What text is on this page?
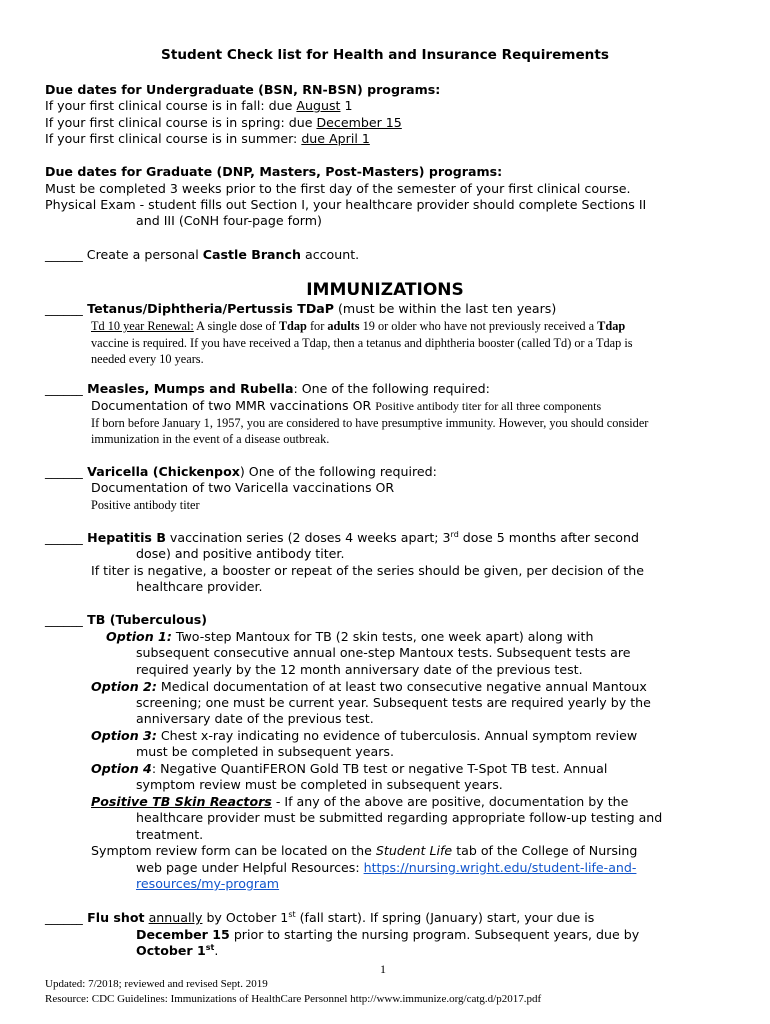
Student Check list for Health and Insurance Requirements
Due dates for Undergraduate (BSN, RN-BSN) programs:
If your first clinical course is in fall: due August 1
If your first clinical course is in spring: due December 15
If your first clinical course is in summer: due April 1
Due dates for Graduate (DNP, Masters, Post-Masters) programs:
Must be completed 3 weeks prior to the first day of the semester of your first clinical course.
Physical Exam - student fills out Section I, your healthcare provider should complete Sections II
and III (CoNH four-page form)
______ Create a personal Castle Branch account.
IMMUNIZATIONS
______ Tetanus/Diphtheria/Pertussis TDaP (must be within the last ten years)
Td 10 year Renewal: A single dose of Tdap for adults 19 or older who have not previously received a Tdap
vaccine is required. If you have received a Tdap, then a tetanus and diphtheria booster (called Td) or a Tdap is
needed every 10 years.
______ Measles, Mumps and Rubella: One of the following required:
Documentation of two MMR vaccinations OR Positive antibody titer for all three components
If born before January 1, 1957, you are considered to have presumptive immunity. However, you should consider
immunization in the event of a disease outbreak.
______ Varicella (Chickenpox) One of the following required:
Documentation of two Varicella vaccinations OR
Positive antibody titer
______ Hepatitis B vaccination series (2 doses 4 weeks apart; 3rd dose 5 months after second
dose) and positive antibody titer.
If titer is negative, a booster or repeat of the series should be given, per decision of the
healthcare provider.
______ TB (Tuberculous)
Option 1: Two-step Mantoux for TB (2 skin tests, one week apart) along with
subsequent consecutive annual one-step Mantoux tests. Subsequent tests are
required yearly by the 12 month anniversary date of the previous test.
Option 2: Medical documentation of at least two consecutive negative annual Mantoux
screening; one must be current year. Subsequent tests are required yearly by the
anniversary date of the previous test.
Option 3: Chest x-ray indicating no evidence of tuberculosis. Annual symptom review
must be completed in subsequent years.
Option 4: Negative QuantiFERON Gold TB test or negative T-Spot TB test. Annual
symptom review must be completed in subsequent years.
Positive TB Skin Reactors - If any of the above are positive, documentation by the
healthcare provider must be submitted regarding appropriate follow-up testing and
treatment.
Symptom review form can be located on the Student Life tab of the College of Nursing
web page under Helpful Resources: https://nursing.wright.edu/student-life-and-
resources/my-program
______ Flu shot annually by October 1st (fall start). If spring (January) start, your due is
December 15 prior to starting the nursing program. Subsequent years, due by
October 1st.
1
Updated: 7/2018; reviewed and revised Sept. 2019
Resource: CDC Guidelines: Immunizations of HealthCare Personnel http://www.immunize.org/catg.d/p2017.pdf
